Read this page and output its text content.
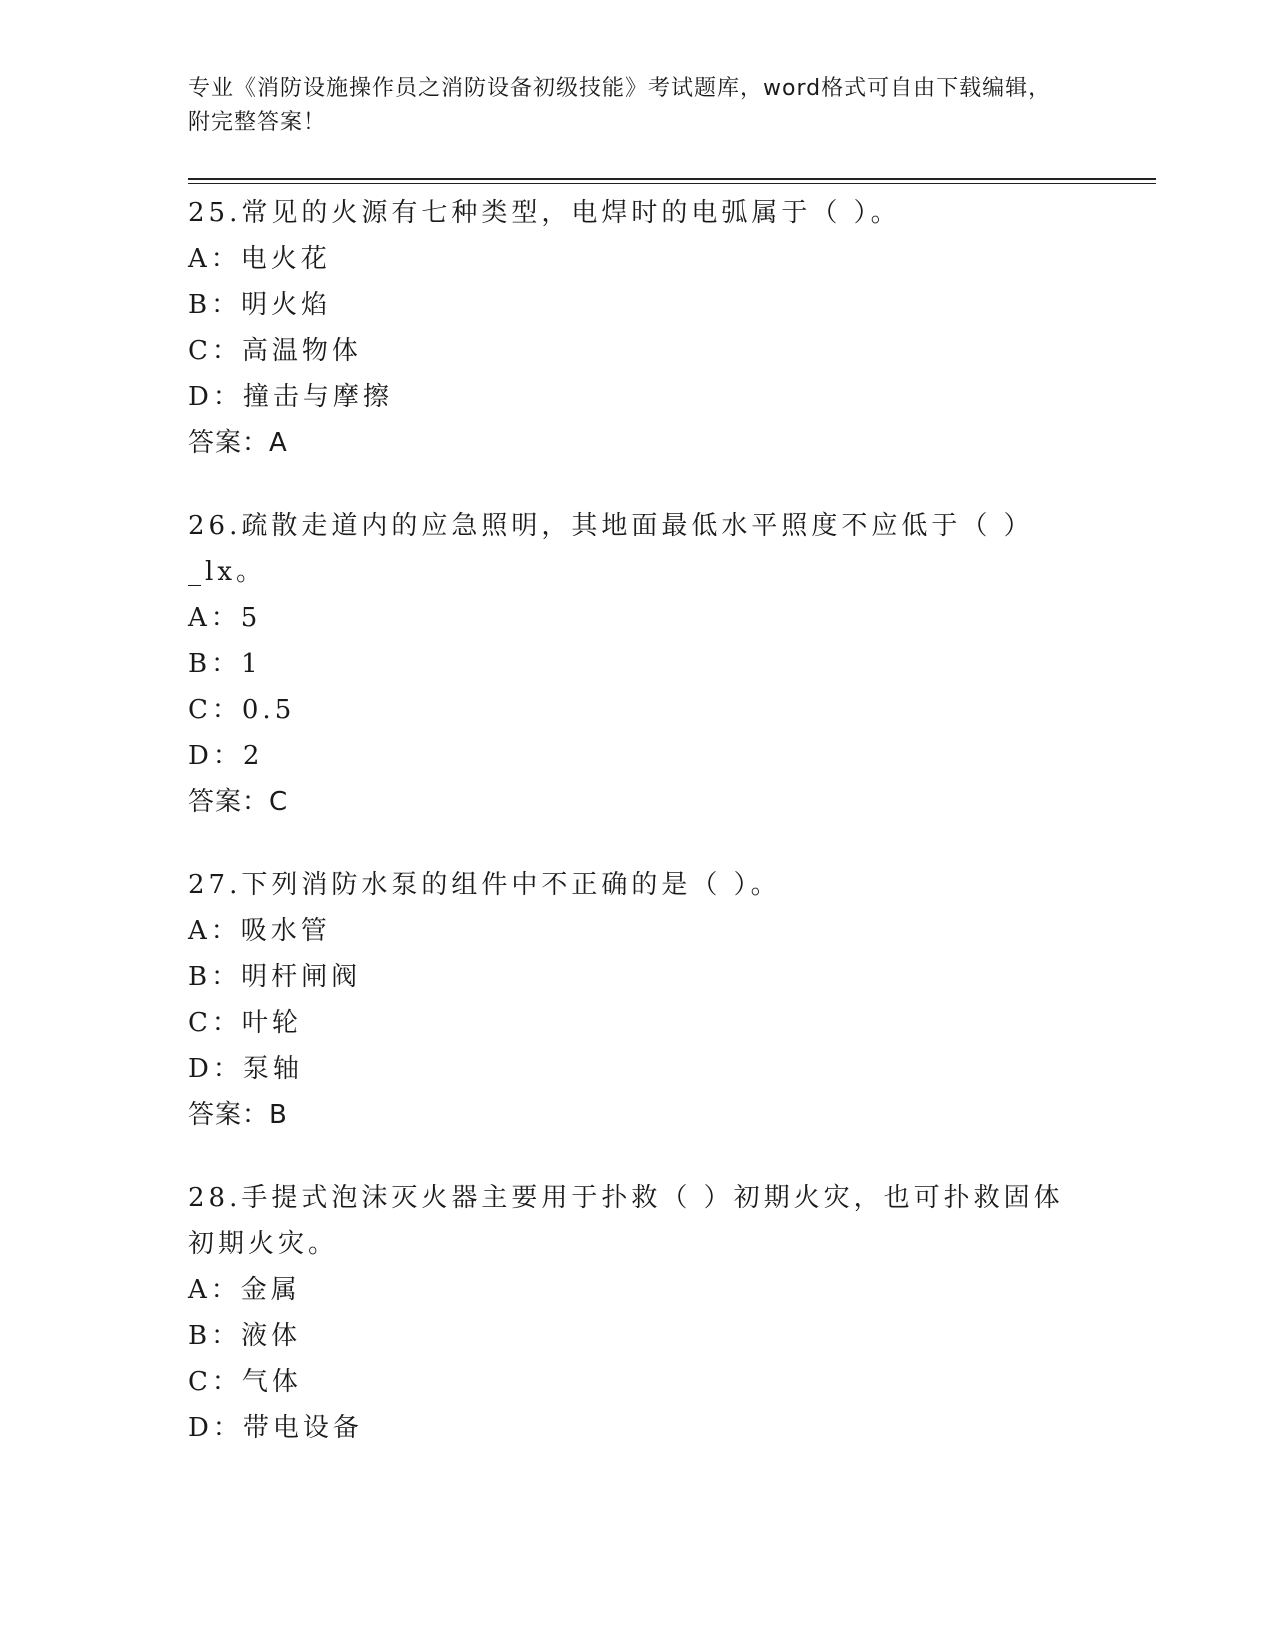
专业《消防设施操作员之消防设备初级技能》考试题库，word格式可自由下载编辑，附完整答案！
25.常见的火源有七种类型，电焊时的电弧属于（ ）。
A：电火花
B：明火焰
C：高温物体
D：撞击与摩擦
答案：A
26.疏散走道内的应急照明，其地面最低水平照度不应低于（ ）_lx。
A：5
B：1
C：0.5
D：2
答案：C
27.下列消防水泵的组件中不正确的是（ ）。
A：吸水管
B：明杆闸阀
C：叶轮
D：泵轴
答案：B
28.手提式泡沫灭火器主要用于扑救（ ）初期火灾，也可扑救固体初期火灾。
A：金属
B：液体
C：气体
D：带电设备
